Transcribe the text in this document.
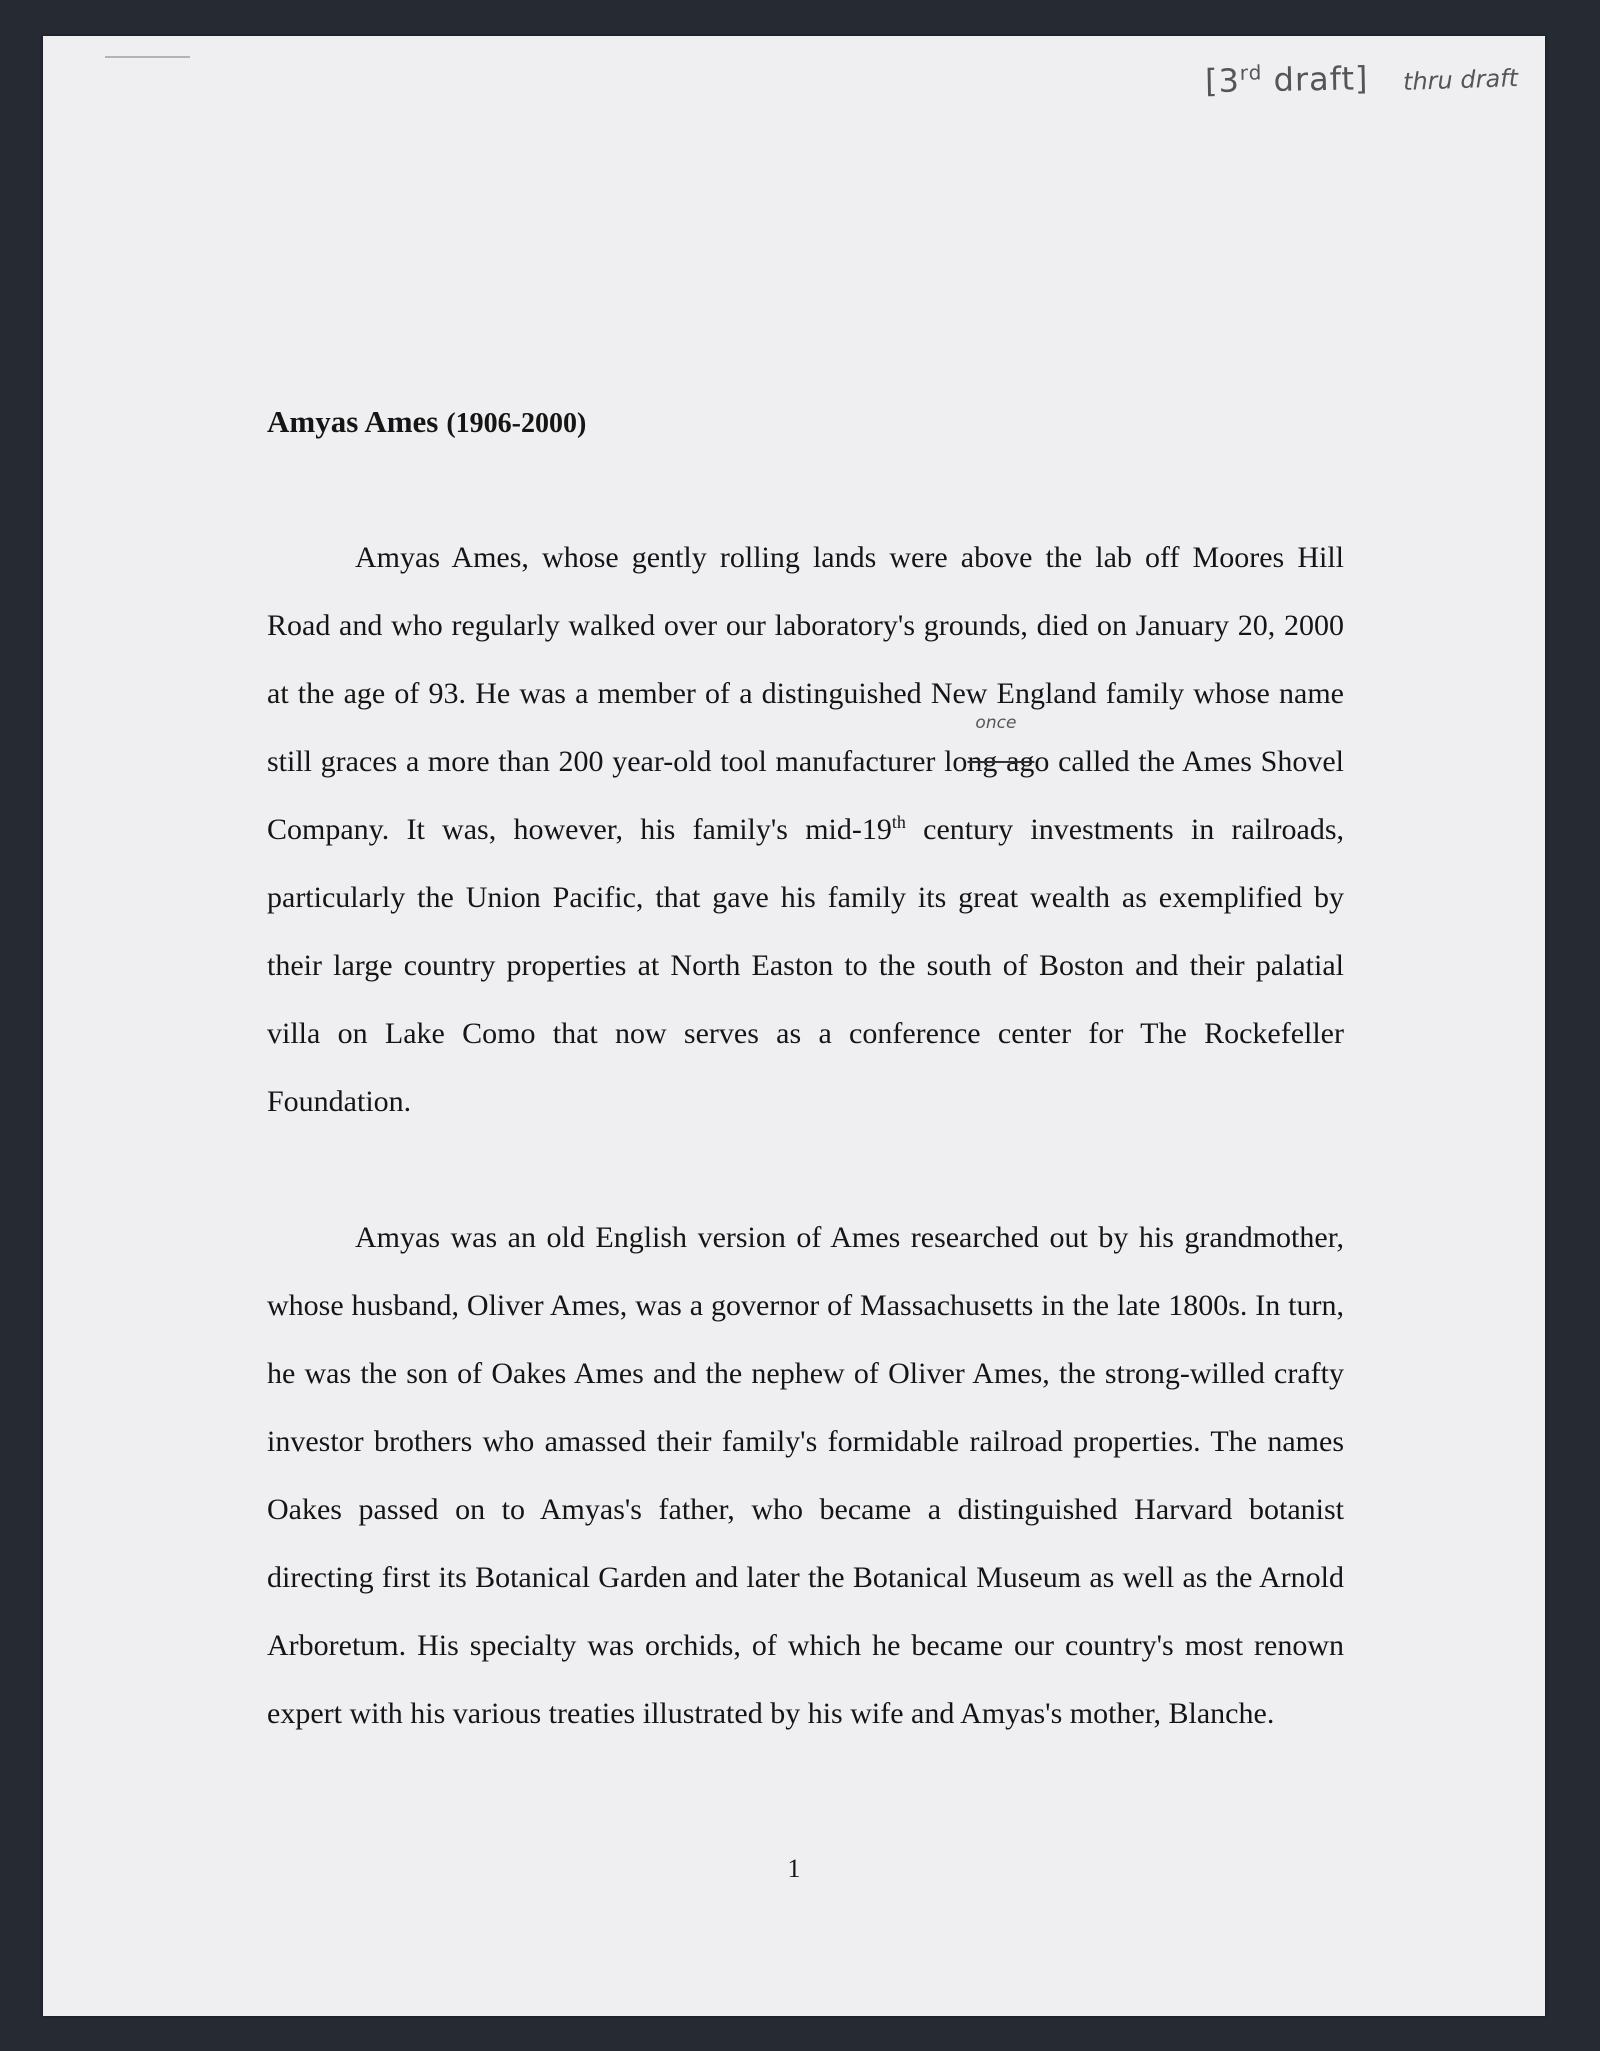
[3rd draft] thru draft
Amyas Ames (1906-2000)

Amyas Ames, whose gently rolling lands were above the lab off Moores Hill Road and who regularly walked over our laboratory's grounds, died on January 20, 2000 at the age of 93. He was a member of a distinguished New England family whose name still graces a more than 200 year-old tool manufacturer lo
once
ng ago called the Ames Shovel Company. It was, however, his family's mid-19th century investments in railroads, particularly the Union Pacific, that gave his family its great wealth as exemplified by their large country properties at North Easton to the south of Boston and their palatial villa on Lake Como that now serves as a conference center for The Rockefeller Foundation.

Amyas was an old English version of Ames researched out by his grandmother, whose husband, Oliver Ames, was a governor of Massachusetts in the late 1800s. In turn, he was the son of Oakes Ames and the nephew of Oliver Ames, the strong-willed crafty investor brothers who amassed their family's formidable railroad properties. The names Oakes passed on to Amyas's father, who became a distinguished Harvard botanist directing first its Botanical Garden and later the Botanical Museum as well as the Arnold Arboretum. His specialty was orchids, of which he became our country's most renown expert with his various treaties illustrated by his wife and Amyas's mother, Blanche.

1
